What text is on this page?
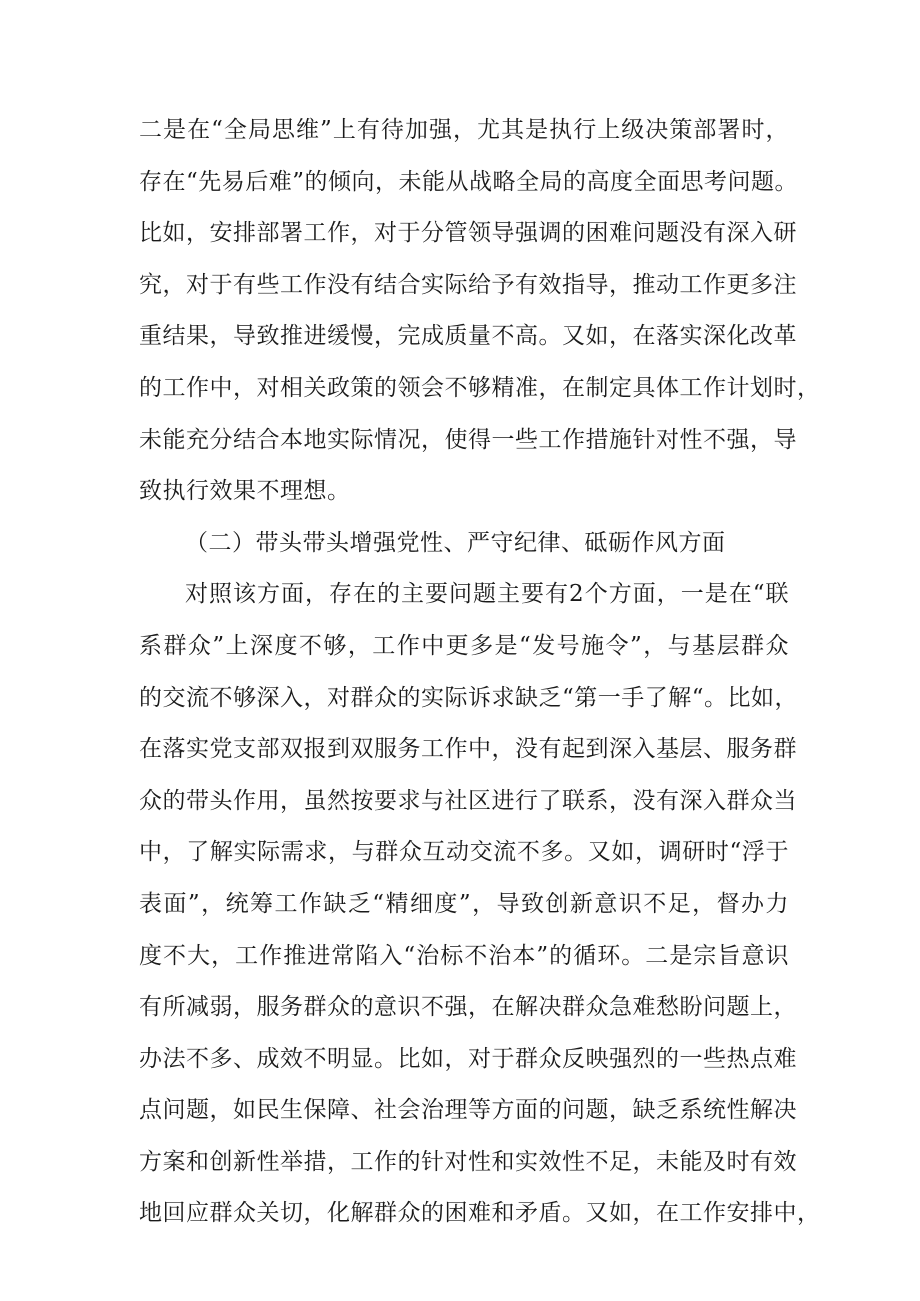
二是在“全局思维”上有待加强，尤其是执行上级决策部署时，
存在“先易后难”的倾向，未能从战略全局的高度全面思考问题。
比如，安排部署工作，对于分管领导强调的困难问题没有深入研
究，对于有些工作没有结合实际给予有效指导，推动工作更多注
重结果，导致推进缓慢，完成质量不高。又如，在落实深化改革
的工作中，对相关政策的领会不够精准，在制定具体工作计划时，
未能充分结合本地实际情况，使得一些工作措施针对性不强，导
致执行效果不理想。
（二）带头带头增强党性、严守纪律、砥砺作风方面
对照该方面，存在的主要问题主要有2个方面，一是在“联
系群众”上深度不够，工作中更多是“发号施令”，与基层群众
的交流不够深入，对群众的实际诉求缺乏“第一手了解“。比如，
在落实党支部双报到双服务工作中，没有起到深入基层、服务群
众的带头作用，虽然按要求与社区进行了联系，没有深入群众当
中，了解实际需求，与群众互动交流不多。又如，调研时“浮于
表面”，统筹工作缺乏“精细度”，导致创新意识不足，督办力
度不大，工作推进常陷入“治标不治本”的循环。二是宗旨意识
有所减弱，服务群众的意识不强，在解决群众急难愁盼问题上，
办法不多、成效不明显。比如，对于群众反映强烈的一些热点难
点问题，如民生保障、社会治理等方面的问题，缺乏系统性解决
方案和创新性举措，工作的针对性和实效性不足，未能及时有效
地回应群众关切，化解群众的困难和矛盾。又如，在工作安排中，
